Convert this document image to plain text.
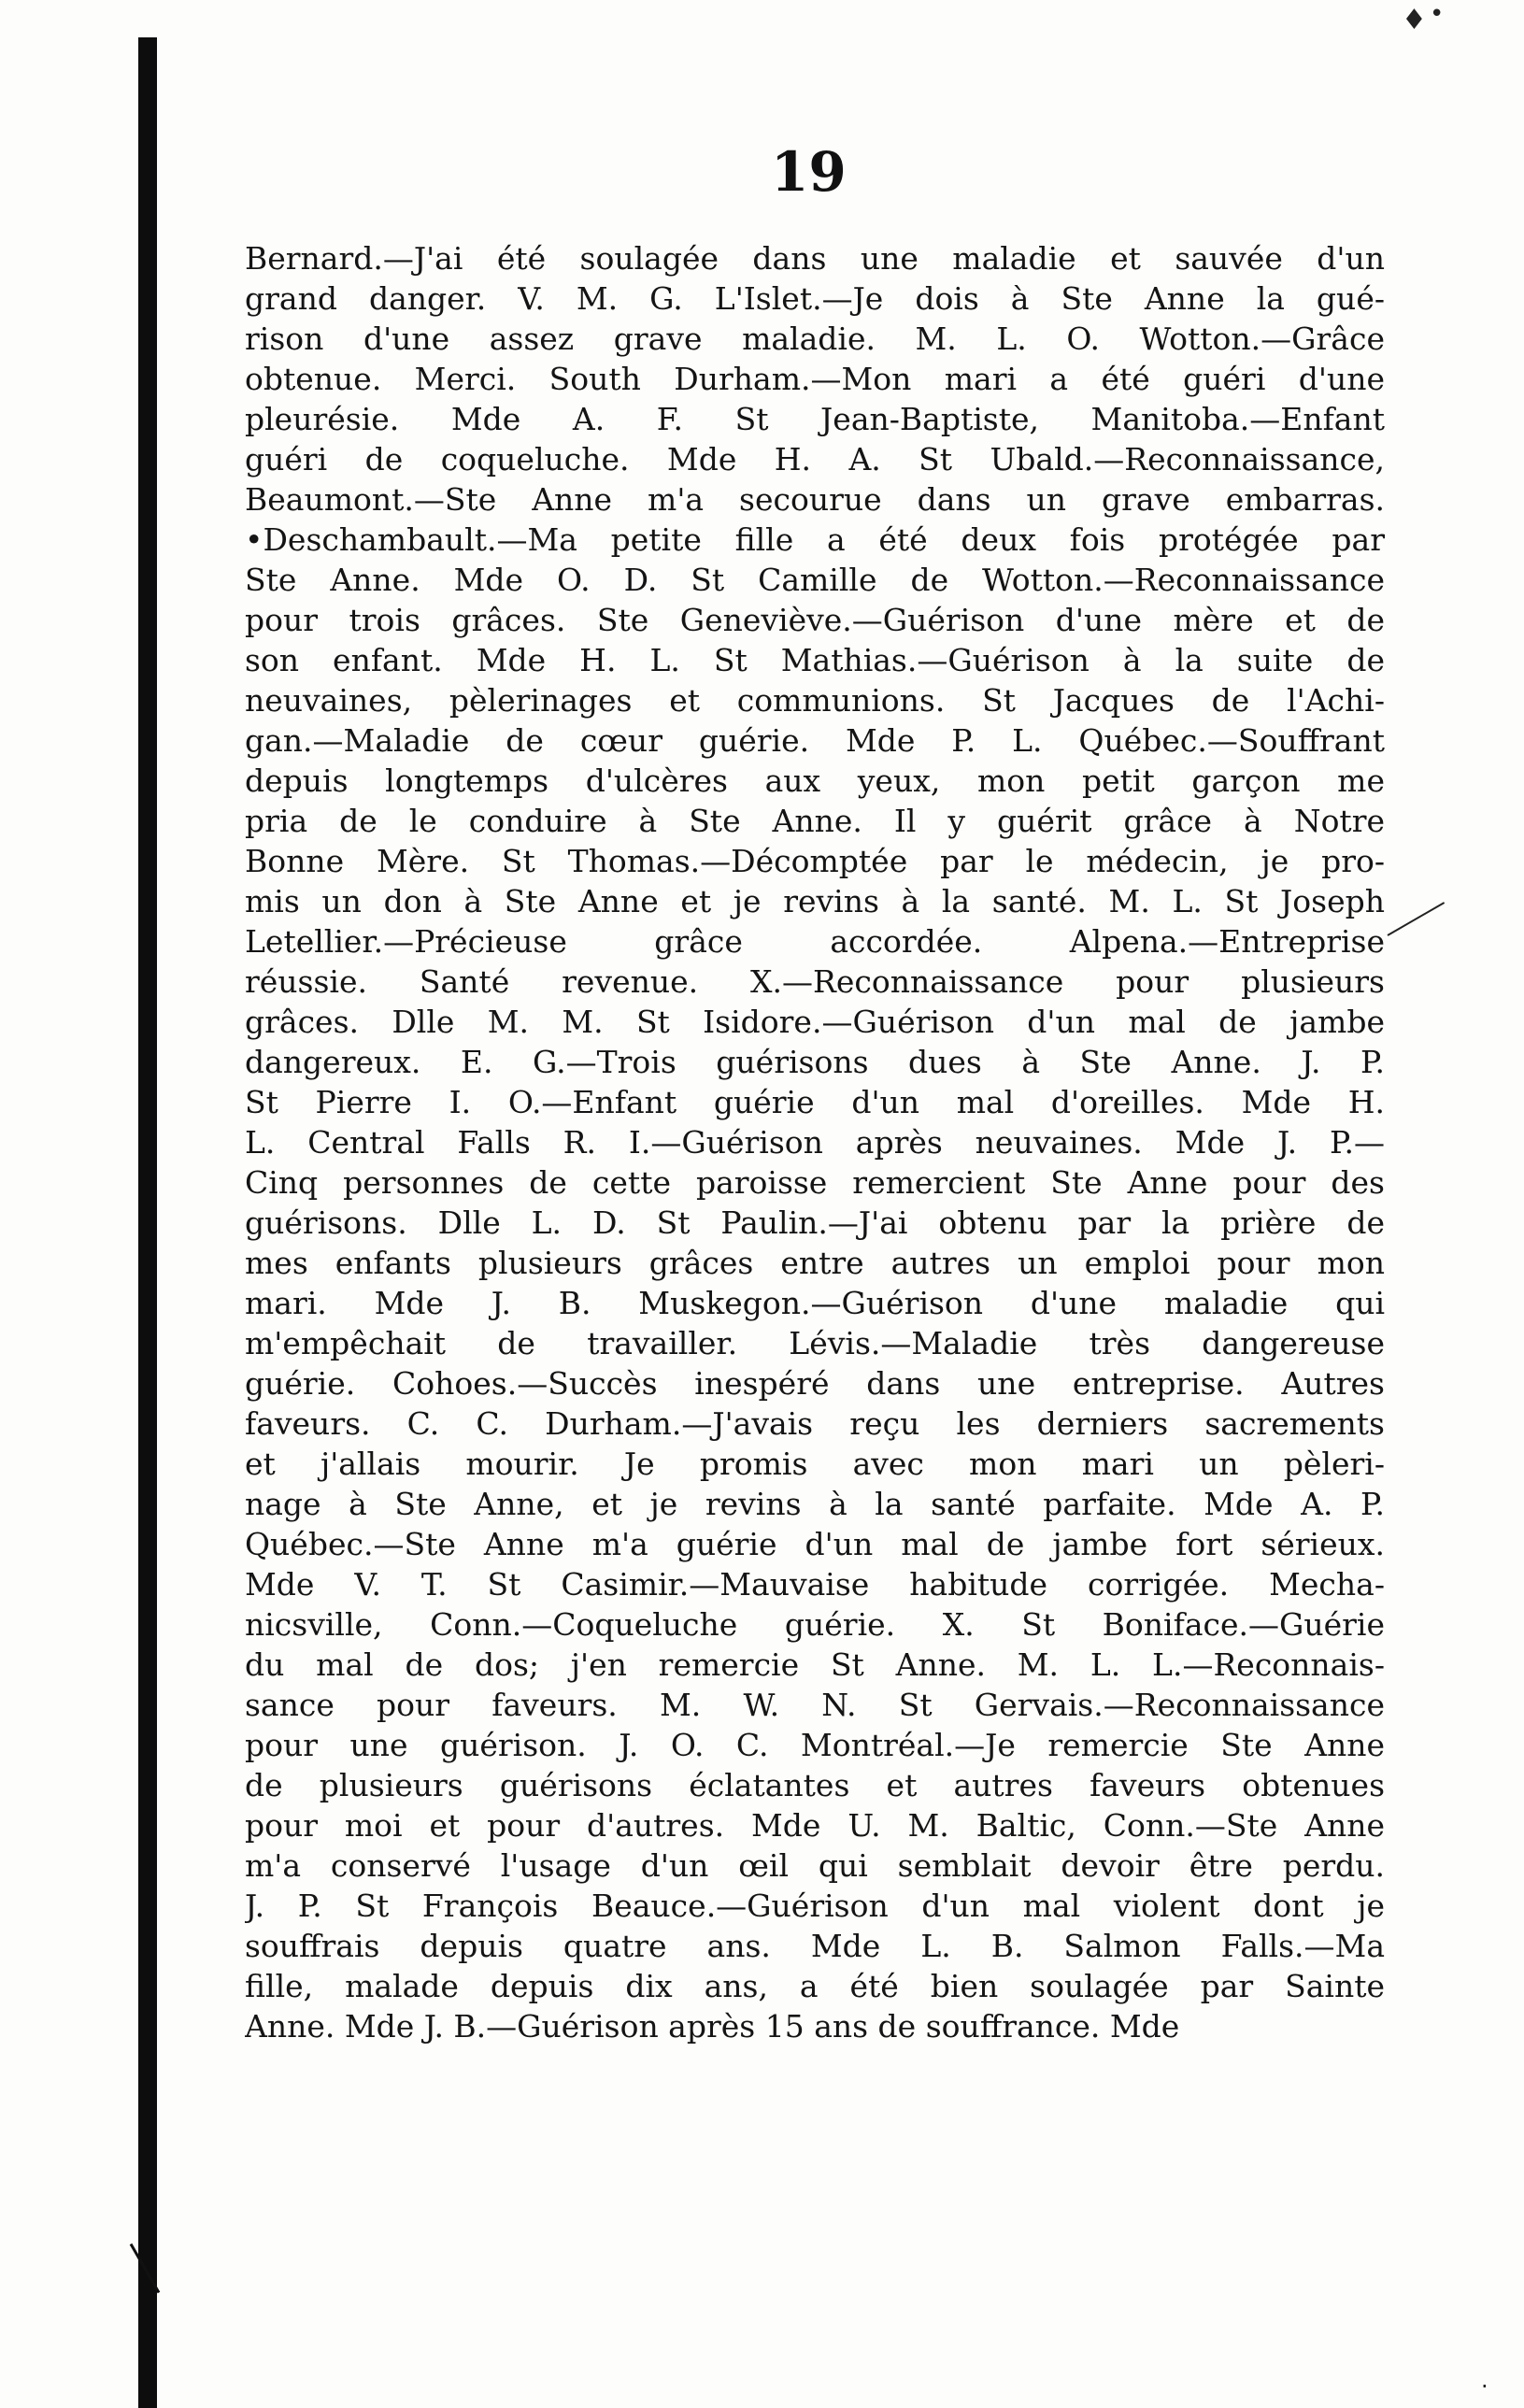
♦ •
·
19
Bernard.—J'ai été soulagée dans une maladie et sauvée d'un
grand danger. V. M. G. L'Islet.—Je dois à Ste Anne la gué-
rison d'une assez grave maladie. M. L. O. Wotton.—Grâce
obtenue. Merci. South Durham.—Mon mari a été guéri d'une
pleurésie. Mde A. F. St Jean-Baptiste, Manitoba.—Enfant
guéri de coqueluche. Mde H. A. St Ubald.—Reconnaissance,
Beaumont.—Ste Anne m'a secourue dans un grave embarras.
•Deschambault.—Ma petite fille a été deux fois protégée par
Ste Anne. Mde O. D. St Camille de Wotton.—Reconnaissance
pour trois grâces. Ste Geneviève.—Guérison d'une mère et de
son enfant. Mde H. L. St Mathias.—Guérison à la suite de
neuvaines, pèlerinages et communions. St Jacques de l'Achi-
gan.—Maladie de cœur guérie. Mde P. L. Québec.—Souffrant
depuis longtemps d'ulcères aux yeux, mon petit garçon me
pria de le conduire à Ste Anne. Il y guérit grâce à Notre
Bonne Mère. St Thomas.—Décomptée par le médecin, je pro-
mis un don à Ste Anne et je revins à la santé. M. L. St Joseph
Letellier.—Précieuse grâce accordée. Alpena.—Entreprise
réussie. Santé revenue. X.—Reconnaissance pour plusieurs
grâces. Dlle M. M. St Isidore.—Guérison d'un mal de jambe
dangereux. E. G.—Trois guérisons dues à Ste Anne. J. P.
St Pierre I. O.—Enfant guérie d'un mal d'oreilles. Mde H.
L. Central Falls R. I.—Guérison après neuvaines. Mde J. P.—
Cinq personnes de cette paroisse remercient Ste Anne pour des
guérisons. Dlle L. D. St Paulin.—J'ai obtenu par la prière de
mes enfants plusieurs grâces entre autres un emploi pour mon
mari. Mde J. B. Muskegon.—Guérison d'une maladie qui
m'empêchait de travailler. Lévis.—Maladie très dangereuse
guérie. Cohoes.—Succès inespéré dans une entreprise. Autres
faveurs. C. C. Durham.—J'avais reçu les derniers sacrements
et j'allais mourir. Je promis avec mon mari un pèleri-
nage à Ste Anne, et je revins à la santé parfaite. Mde A. P.
Québec.—Ste Anne m'a guérie d'un mal de jambe fort sérieux.
Mde V. T. St Casimir.—Mauvaise habitude corrigée. Mecha-
nicsville, Conn.—Coqueluche guérie. X. St Boniface.—Guérie
du mal de dos; j'en remercie St Anne. M. L. L.—Reconnais-
sance pour faveurs. M. W. N. St Gervais.—Reconnaissance
pour une guérison. J. O. C. Montréal.—Je remercie Ste Anne
de plusieurs guérisons éclatantes et autres faveurs obtenues
pour moi et pour d'autres. Mde U. M. Baltic, Conn.—Ste Anne
m'a conservé l'usage d'un œil qui semblait devoir être perdu.
J. P. St François Beauce.—Guérison d'un mal violent dont je
souffrais depuis quatre ans. Mde L. B. Salmon Falls.—Ma
fille, malade depuis dix ans, a été bien soulagée par Sainte
Anne. Mde J. B.—Guérison après 15 ans de souffrance. Mde
